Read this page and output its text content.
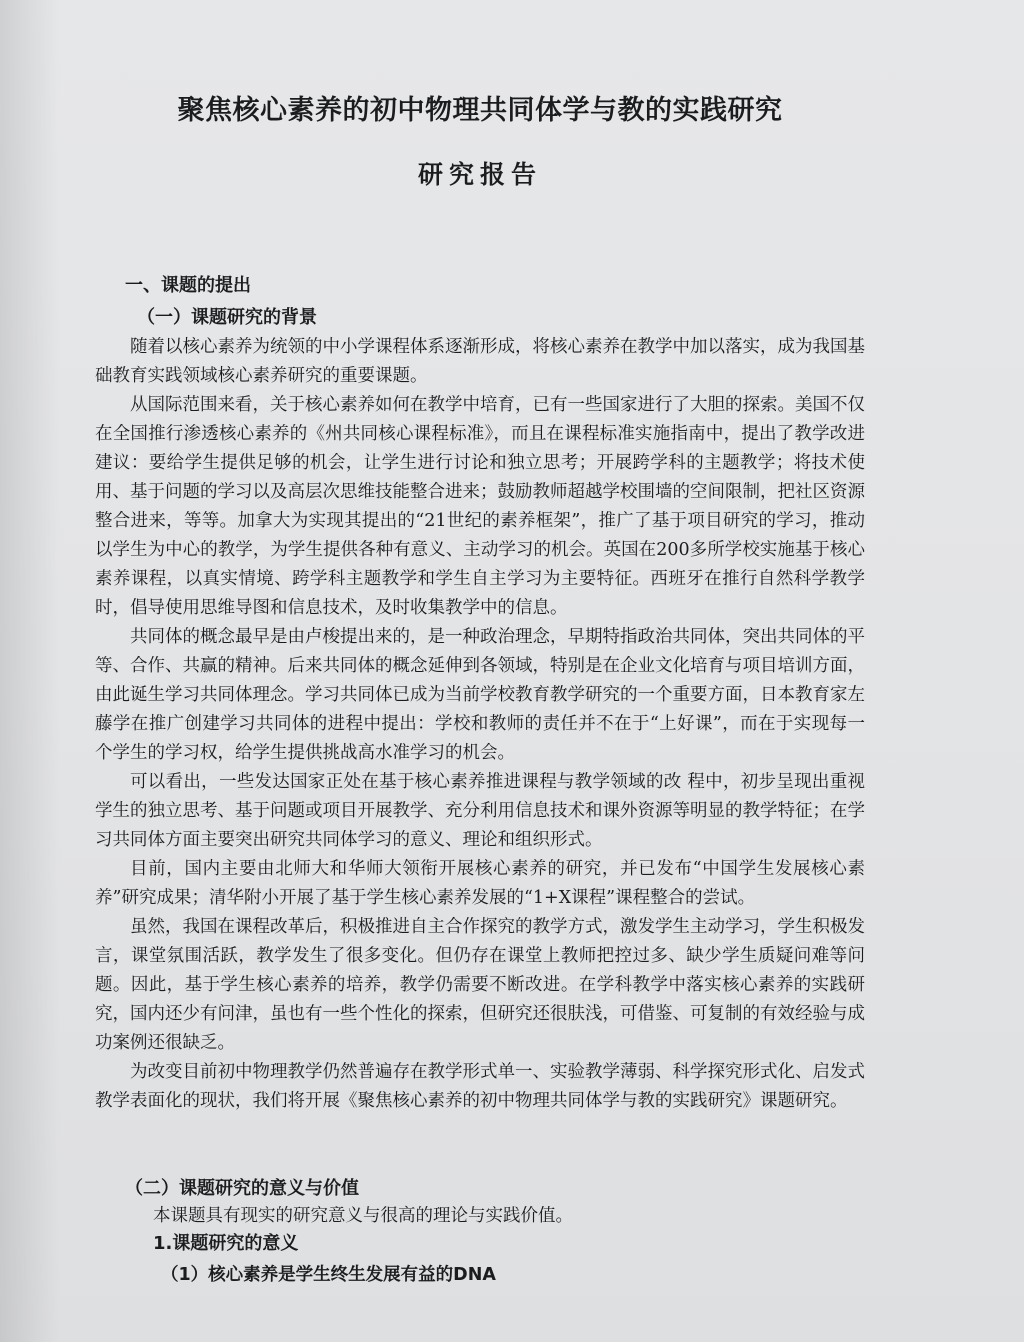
聚焦核心素养的初中物理共同体学与教的实践研究
研究报告
一、课题的提出
（一）课题研究的背景

随着以核心素养为统领的中小学课程体系逐渐形成，将核心素养在教学中加以落实，成为我国基础教育实践领域核心素养研究的重要课题。

从国际范围来看，关于核心素养如何在教学中培育，已有一些国家进行了大胆的探索。美国不仅在全国推行渗透核心素养的《州共同核心课程标准》，而且在课程标准实施指南中，提出了教学改进建议：要给学生提供足够的机会，让学生进行讨论和独立思考；开展跨学科的主题教学；将技术使用、基于问题的学习以及高层次思维技能整合进来；鼓励教师超越学校围墙的空间限制，把社区资源整合进来，等等。加拿大为实现其提出的“21世纪的素养框架”，推广了基于项目研究的学习，推动以学生为中心的教学，为学生提供各种有意义、主动学习的机会。英国在200多所学校实施基于核心素养课程，以真实情境、跨学科主题教学和学生自主学习为主要特征。西班牙在推行自然科学教学时，倡导使用思维导图和信息技术，及时收集教学中的信息。

共同体的概念最早是由卢梭提出来的，是一种政治理念，早期特指政治共同体，突出共同体的平等、合作、共赢的精神。后来共同体的概念延伸到各领域，特别是在企业文化培育与项目培训方面，由此诞生学习共同体理念。学习共同体已成为当前学校教育教学研究的一个重要方面，日本教育家左藤学在推广创建学习共同体的进程中提出：学校和教师的责任并不在于“上好课”，而在于实现每一个学生的学习权，给学生提供挑战高水准学习的机会。

可以看出，一些发达国家正处在基于核心素养推进课程与教学领域的改 程中，初步呈现出重视学生的独立思考、基于问题或项目开展教学、充分利用信息技术和课外资源等明显的教学特征；在学习共同体方面主要突出研究共同体学习的意义、理论和组织形式。

目前，国内主要由北师大和华师大领衔开展核心素养的研究，并已发布“中国学生发展核心素养”研究成果；清华附小开展了基于学生核心素养发展的“1+X课程”课程整合的尝试。

虽然，我国在课程改革后，积极推进自主合作探究的教学方式，激发学生主动学习，学生积极发言，课堂氛围活跃，教学发生了很多变化。但仍存在课堂上教师把控过多、缺少学生质疑问难等问题。因此，基于学生核心素养的培养，教学仍需要不断改进。在学科教学中落实核心素养的实践研究，国内还少有问津，虽也有一些个性化的探索，但研究还很肤浅，可借鉴、可复制的有效经验与成功案例还很缺乏。

为改变目前初中物理教学仍然普遍存在教学形式单一、实验教学薄弱、科学探究形式化、启发式教学表面化的现状，我们将开展《聚焦核心素养的初中物理共同体学与教的实践研究》课题研究。

（二）课题研究的意义与价值
本课题具有现实的研究意义与很高的理论与实践价值。
1.课题研究的意义
（1）核心素养是学生终生发展有益的DNA
